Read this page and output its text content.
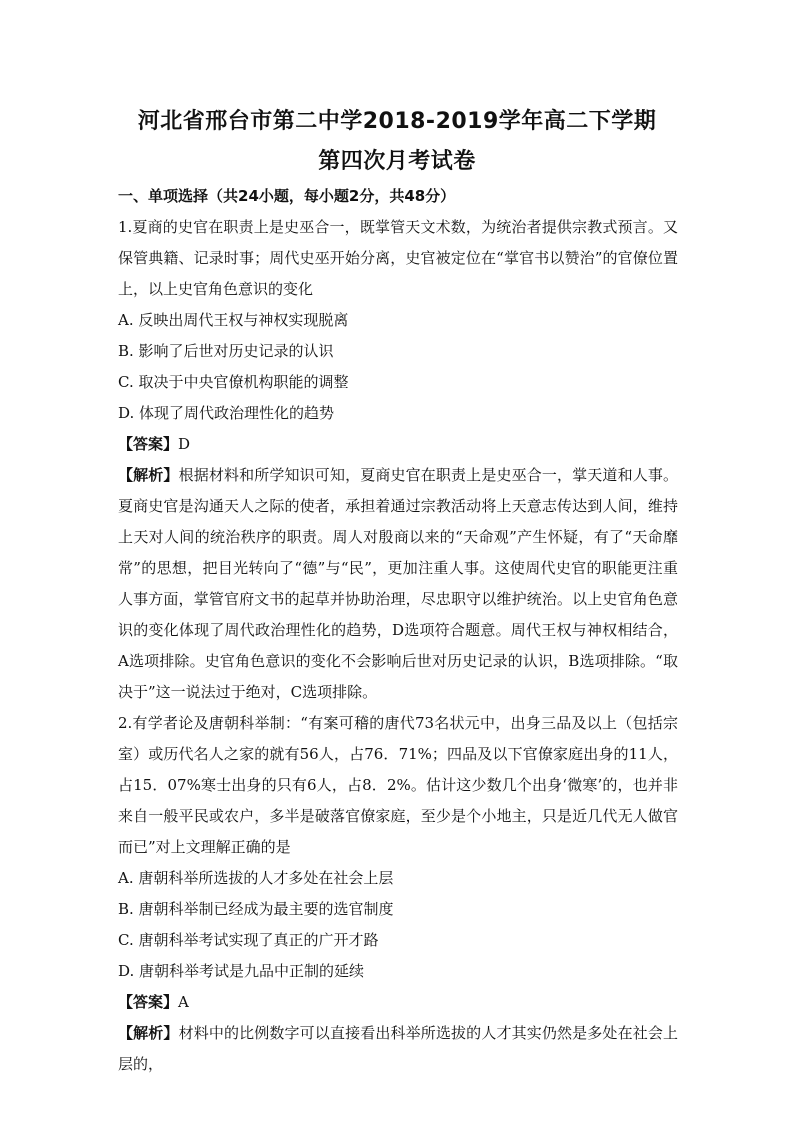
河北省邢台市第二中学2018-2019学年高二下学期
第四次月考试卷
一、单项选择（共24小题，每小题2分，共48分）

1.夏商的史官在职责上是史巫合一，既掌管天文术数，为统治者提供宗教式预言。又保管典籍、记录时事；周代史巫开始分离，史官被定位在“掌官书以赞治”的官僚位置上，以上史官角色意识的变化

A. 反映出周代王权与神权实现脱离

B. 影响了后世对历史记录的认识

C. 取决于中央官僚机构职能的调整

D. 体现了周代政治理性化的趋势

【答案】D

【解析】根据材料和所学知识可知，夏商史官在职责上是史巫合一，掌天道和人事。夏商史官是沟通天人之际的使者，承担着通过宗教活动将上天意志传达到人间，维持上天对人间的统治秩序的职责。周人对殷商以来的“天命观”产生怀疑，有了“天命靡常”的思想，把目光转向了“德”与“民”，更加注重人事。这使周代史官的职能更注重人事方面，掌管官府文书的起草并协助治理，尽忠职守以维护统治。以上史官角色意识的变化体现了周代政治理性化的趋势，D选项符合题意。周代王权与神权相结合，A选项排除。史官角色意识的变化不会影响后世对历史记录的认识，B选项排除。“取决于”这一说法过于绝对，C选项排除。

2.有学者论及唐朝科举制：“有案可稽的唐代73名状元中，出身三品及以上（包括宗室）或历代名人之家的就有56人，占76．71%；四品及以下官僚家庭出身的11人，占15．07%寒士出身的只有6人，占8．2%。估计这少数几个出身‘微寒’的，也并非来自一般平民或农户，多半是破落官僚家庭，至少是个小地主，只是近几代无人做官而已”对上文理解正确的是

A. 唐朝科举所选拔的人才多处在社会上层

B. 唐朝科举制已经成为最主要的选官制度

C. 唐朝科举考试实现了真正的广开才路

D. 唐朝科举考试是九品中正制的延续

【答案】A

【解析】材料中的比例数字可以直接看出科举所选拔的人才其实仍然是多处在社会上层的，
